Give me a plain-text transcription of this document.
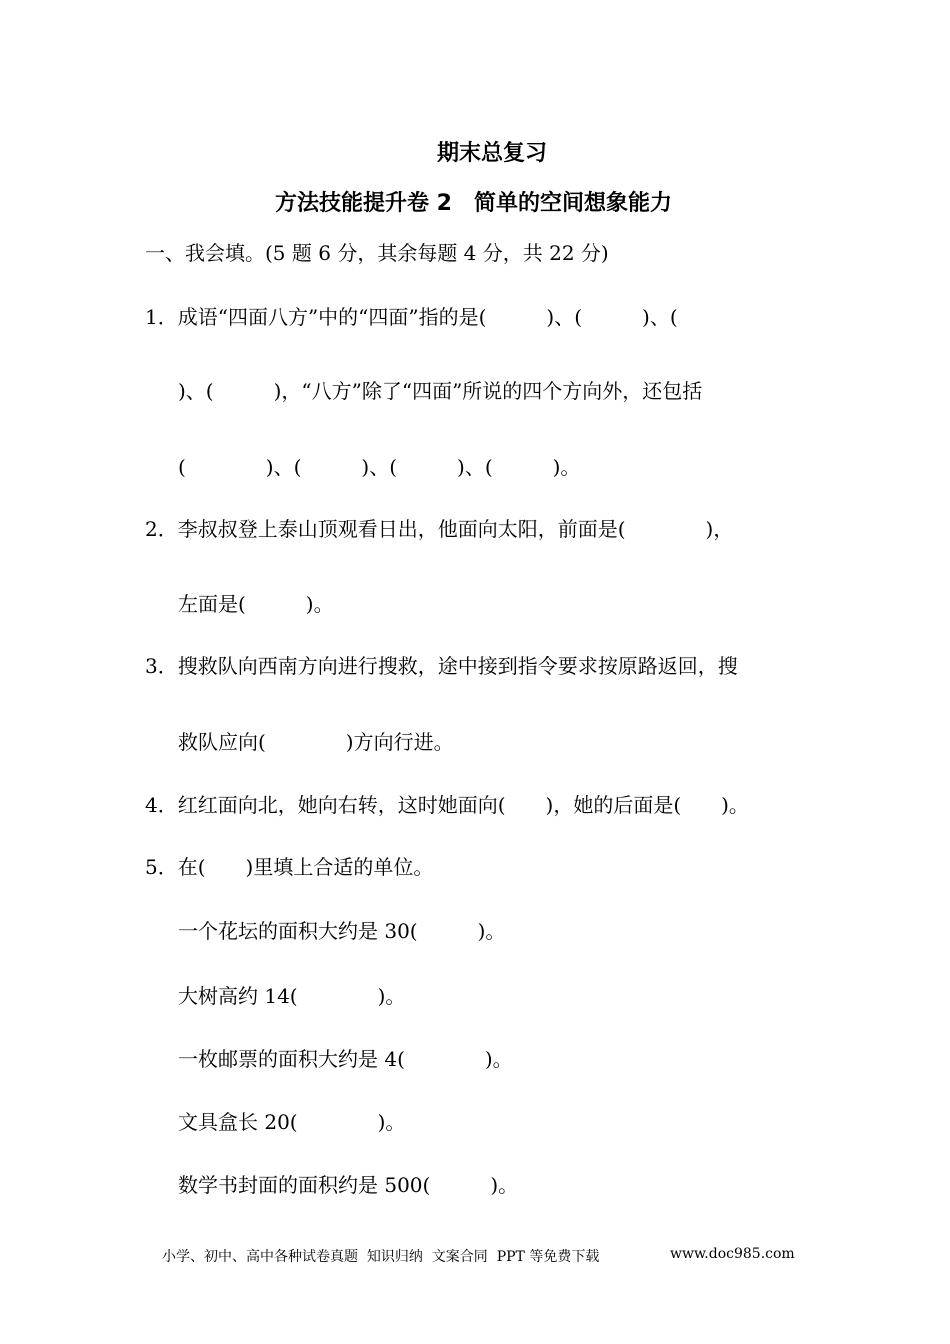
期末总复习
方法技能提升卷 2　简单的空间想象能力
一、我会填。(5 题 6 分，其余每题 4 分，共 22 分)
1．成语“四面八方”中的“四面”指的是(　　　)、(　　　)、(
)、(　　　)，“八方”除了“四面”所说的四个方向外，还包括
(　　　　)、(　　　)、(　　　)、(　　　)。
2．李叔叔登上泰山顶观看日出，他面向太阳，前面是(　　　　)，
左面是(　　　)。
3．搜救队向西南方向进行搜救，途中接到指令要求按原路返回，搜
救队应向(　　　　)方向行进。
4．红红面向北，她向右转，这时她面向(　　)，她的后面是(　　)。
5．在(　　)里填上合适的单位。
一个花坛的面积大约是 30(　　　)。
大树高约 14(　　　　)。
一枚邮票的面积大约是 4(　　　　)。
文具盒长 20(　　　　)。
数学书封面的面积约是 500(　　　)。
小学、初中、高中各种试卷真题  知识归纳  文案合同  PPT 等免费下载	www.doc985.com
